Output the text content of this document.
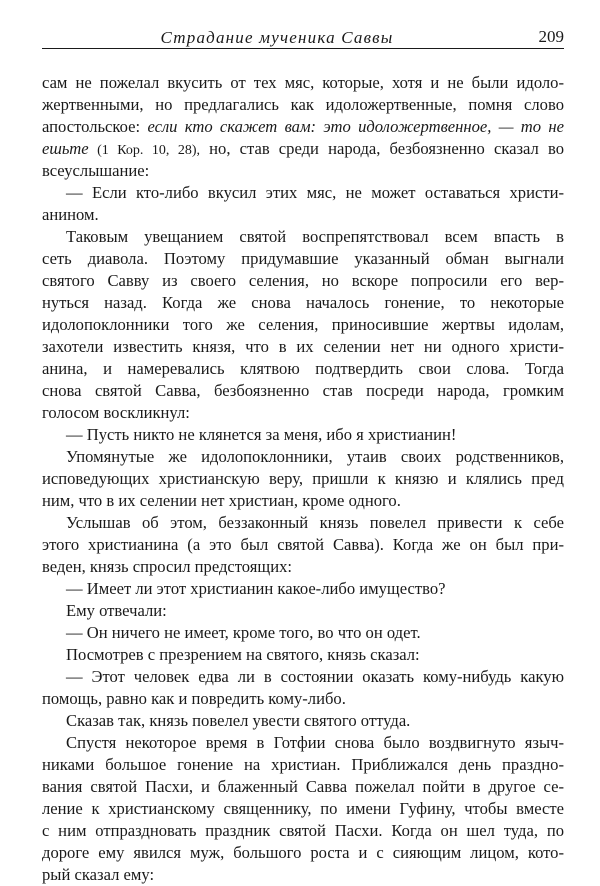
Страдание мученика Саввы	209
сам не пожелал вкусить от тех мяс, которые, хотя и не были идоло-
жертвенными, но предлагались как идоложертвенные, помня слово
апостольское: если кто скажет вам: это идоложертвенное, — то не
ешьте (1 Кор. 10, 28), но, став среди народа, безбоязненно сказал во
всеуслышание:
— Если кто-либо вкусил этих мяс, не может оставаться христи-
анином.
Таковым увещанием святой воспрепятствовал всем впасть в
сеть диавола. Поэтому придумавшие указанный обман выгнали
святого Савву из своего селения, но вскоре попросили его вер-
нуться назад. Когда же снова началось гонение, то некоторые
идолопоклонники того же селения, приносившие жертвы идолам,
захотели известить князя, что в их селении нет ни одного христи-
анина, и намеревались клятвою подтвердить свои слова. Тогда
снова святой Савва, безбоязненно став посреди народа, громким
голосом воскликнул:
— Пусть никто не клянется за меня, ибо я христианин!
Упомянутые же идолопоклонники, утаив своих родственников,
исповедующих христианскую веру, пришли к князю и клялись пред
ним, что в их селении нет христиан, кроме одного.
Услышав об этом, беззаконный князь повелел привести к себе
этого христианина (а это был святой Савва). Когда же он был при-
веден, князь спросил предстоящих:
— Имеет ли этот христианин какое-либо имущество?
Ему отвечали:
— Он ничего не имеет, кроме того, во что он одет.
Посмотрев с презрением на святого, князь сказал:
— Этот человек едва ли в состоянии оказать кому-нибудь какую
помощь, равно как и повредить кому-либо.
Сказав так, князь повелел увести святого оттуда.
Спустя некоторое время в Готфии снова было воздвигнуто языч-
никами большое гонение на христиан. Приближался день праздно-
вания святой Пасхи, и блаженный Савва пожелал пойти в другое се-
ление к христианскому священнику, по имени Гуфину, чтобы вместе
с ним отпраздновать праздник святой Пасхи. Когда он шел туда, по
дороге ему явился муж, большого роста и с сияющим лицом, кото-
рый сказал ему:
